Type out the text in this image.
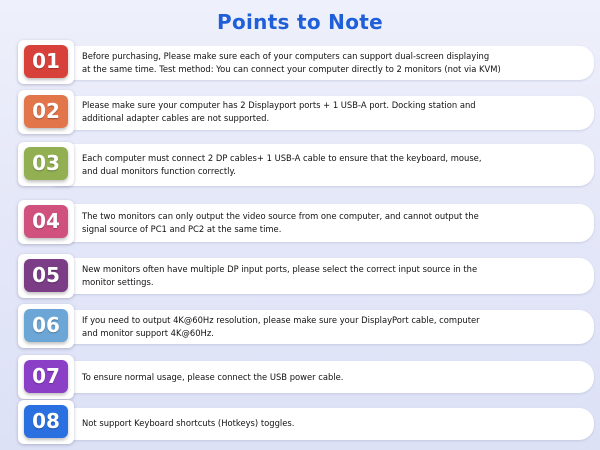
Points to Note
01	Before purchasing, Please make sure each of your computers can support dual-screen displaying
at the same time. Test method: You can connect your computer directly to 2 monitors (not via KVM)
02	Please make sure your computer has 2 Displayport ports + 1 USB-A port. Docking station and
additional adapter cables are not supported.
03	Each computer must connect 2 DP cables+ 1 USB-A cable to ensure that the keyboard, mouse,
and dual monitors function correctly.
04	The two monitors can only output the video source from one computer, and cannot output the
signal source of PC1 and PC2 at the same time.
05	New monitors often have multiple DP input ports, please select the correct input source in the
monitor settings.
06	If you need to output 4K@60Hz resolution, please make sure your DisplayPort cable, computer
and monitor support 4K@60Hz.
07	To ensure normal usage, please connect the USB power cable.
08	Not support Keyboard shortcuts (Hotkeys) toggles.
